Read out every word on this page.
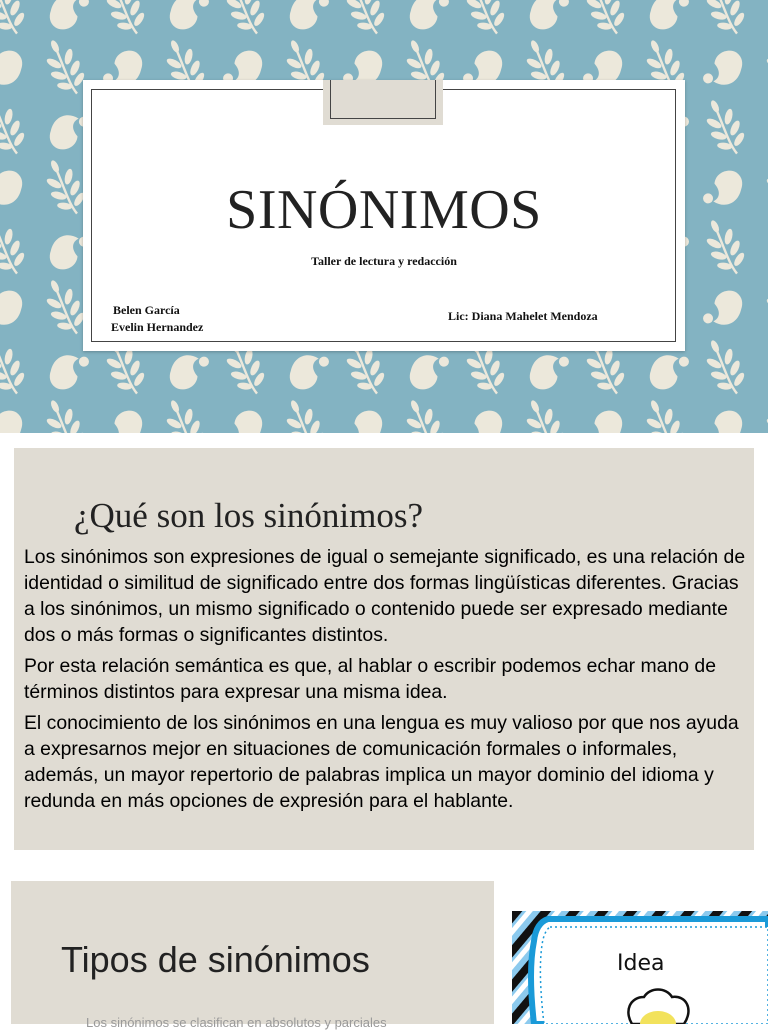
SINÓNIMOS
Taller de lectura y redacción
Belen García
Evelin Hernandez
Lic: Diana Mahelet Mendoza
¿Qué son los sinónimos?

Los sinónimos son expresiones de igual o semejante significado, es una relación de identidad o similitud de significado entre dos formas lingüísticas diferentes. Gracias a los sinónimos, un mismo significado o contenido puede ser expresado mediante dos o más formas o significantes distintos.

Por esta relación semántica es que, al hablar o escribir podemos echar mano de términos distintos para expresar una misma idea.

El conocimiento de los sinónimos en una lengua es muy valioso por que nos ayuda a expresarnos mejor en situaciones de comunicación formales o informales, además, un mayor repertorio de palabras implica un mayor dominio del idioma y redunda en más opciones de expresión para el hablante.

Tipos de sinónimos
Los sinónimos se clasifican en absolutos y parciales
Idea
